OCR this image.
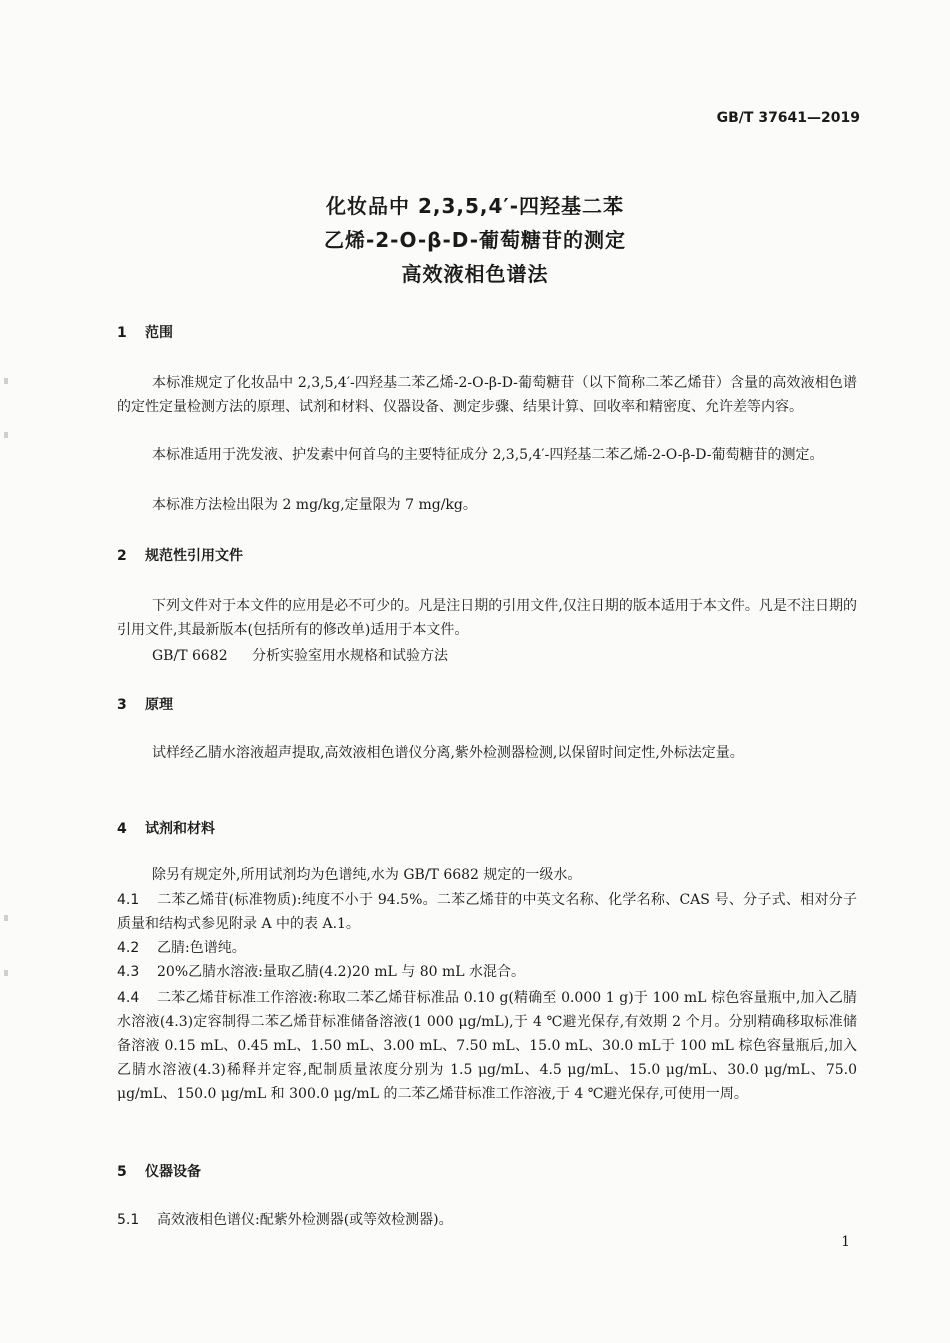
GB/T 37641—2019
化妆品中 2,3,5,4′-四羟基二苯
乙烯-2-O-β-D-葡萄糖苷的测定
高效液相色谱法
1 范围

本标准规定了化妆品中 2,3,5,4′-四羟基二苯乙烯-2-O-β-D-葡萄糖苷（以下简称二苯乙烯苷）含量的高效液相色谱的定性定量检测方法的原理、试剂和材料、仪器设备、测定步骤、结果计算、回收率和精密度、允许差等内容。

本标准适用于洗发液、护发素中何首乌的主要特征成分 2,3,5,4′-四羟基二苯乙烯-2-O-β-D-葡萄糖苷的测定。

本标准方法检出限为 2 mg/kg,定量限为 7 mg/kg。

2 规范性引用文件

下列文件对于本文件的应用是必不可少的。凡是注日期的引用文件,仅注日期的版本适用于本文件。凡是不注日期的引用文件,其最新版本(包括所有的修改单)适用于本文件。

GB/T 6682 分析实验室用水规格和试验方法
3 原理

试样经乙腈水溶液超声提取,高效液相色谱仪分离,紫外检测器检测,以保留时间定性,外标法定量。

4 试剂和材料

除另有规定外,所用试剂均为色谱纯,水为 GB/T 6682 规定的一级水。

4.1 二苯乙烯苷(标准物质):纯度不小于 94.5%。二苯乙烯苷的中英文名称、化学名称、CAS 号、分子式、相对分子质量和结构式参见附录 A 中的表 A.1。

4.2 乙腈:色谱纯。

4.3 20%乙腈水溶液:量取乙腈(4.2)20 mL 与 80 mL 水混合。

4.4 二苯乙烯苷标准工作溶液:称取二苯乙烯苷标准品 0.10 g(精确至 0.000 1 g)于 100 mL 棕色容量瓶中,加入乙腈水溶液(4.3)定容制得二苯乙烯苷标准储备溶液(1 000 μg/mL),于 4 ℃避光保存,有效期 2 个月。分别精确移取标准储备溶液 0.15 mL、0.45 mL、1.50 mL、3.00 mL、7.50 mL、15.0 mL、30.0 mL于 100 mL 棕色容量瓶后,加入乙腈水溶液(4.3)稀释并定容,配制质量浓度分别为 1.5 μg/mL、4.5 μg/mL、15.0 μg/mL、30.0 μg/mL、75.0 μg/mL、150.0 μg/mL 和 300.0 μg/mL 的二苯乙烯苷标准工作溶液,于 4 ℃避光保存,可使用一周。

5 仪器设备

5.1 高效液相色谱仪:配紫外检测器(或等效检测器)。

1
